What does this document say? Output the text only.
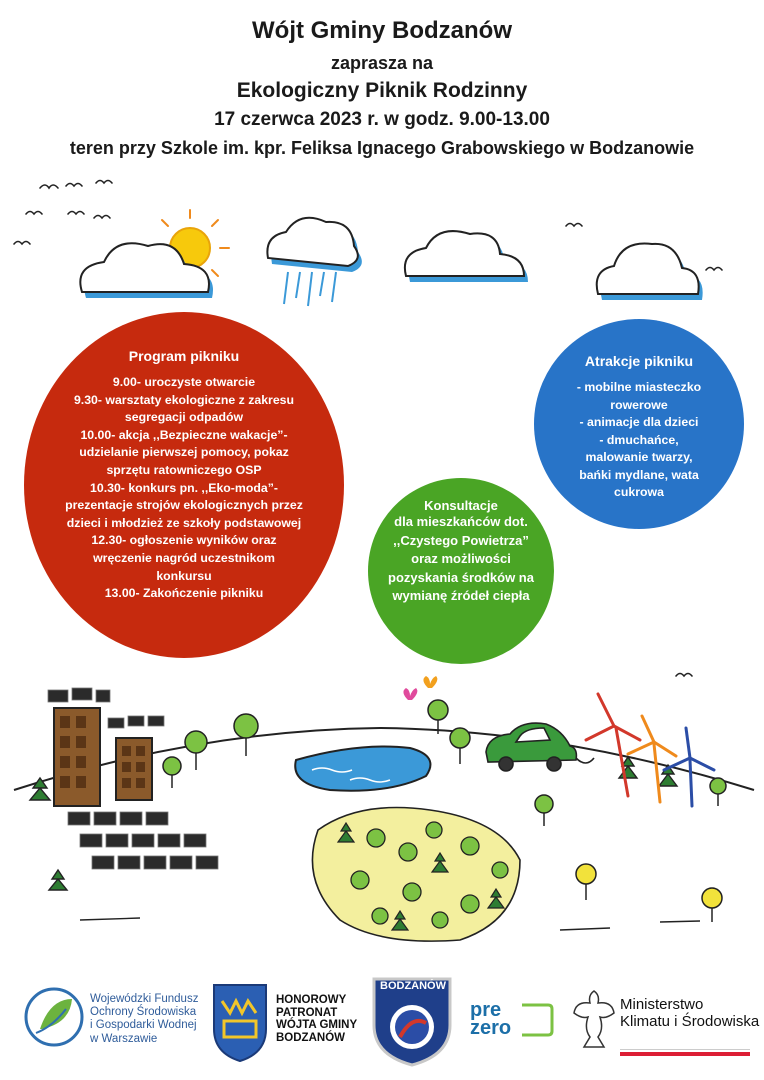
Wójt Gminy Bodzanów
zaprasza na
Ekologiczny Piknik Rodzinny
17 czerwca 2023 r. w godz. 9.00-13.00
teren przy Szkole im. kpr. Feliksa Ignacego Grabowskiego w Bodzanowie
Program pikniku
9.00- uroczyste otwarcie
9.30- warsztaty ekologiczne z zakresu
segregacji odpadów
10.00- akcja ,,Bezpieczne wakacje”-
udzielanie pierwszej pomocy, pokaz
sprzętu ratowniczego OSP
10.30- konkurs pn. ,,Eko-moda”-
prezentacje strojów ekologicznych przez
dzieci i młodzież ze szkoły podstawowej
12.30- ogłoszenie wyników oraz
wręczenie nagród uczestnikom
konkursu
13.00- Zakończenie pikniku
Atrakcje pikniku
- mobilne miasteczko
rowerowe
- animacje dla dzieci
- dmuchańce,
malowanie twarzy,
bańki mydlane, wata
cukrowa
Konsultacje
dla mieszkańców dot.
,,Czystego Powietrza”
oraz możliwości
pozyskania środków na
wymianę źródeł ciepła
Wojewódzki Fundusz
Ochrony Środowiska
i Gospodarki Wodnej
w Warszawie
HONOROWY
PATRONAT
WÓJTA GMINY
BODZANÓW
BODZANÓW
pre
zero
Ministerstwo
Klimatu i Środowiska
